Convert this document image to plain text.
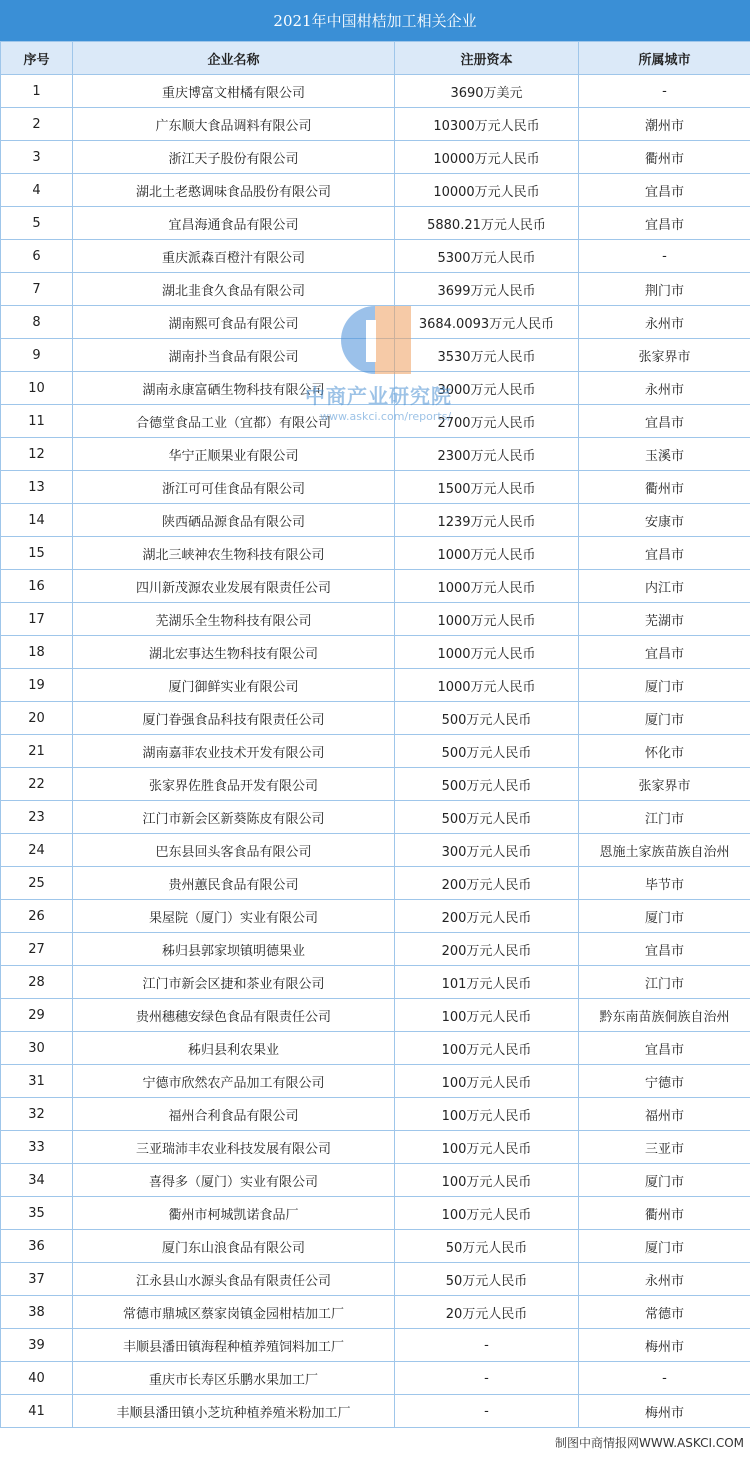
2021年中国柑桔加工相关企业
序号	企业名称	注册资本	所属城市
1	重庆博富文柑橘有限公司	3690万美元	-
2	广东顺大食品调料有限公司	10300万元人民币	潮州市
3	浙江天子股份有限公司	10000万元人民币	衢州市
4	湖北土老憨调味食品股份有限公司	10000万元人民币	宜昌市
5	宜昌海通食品有限公司	5880.21万元人民币	宜昌市
6	重庆派森百橙汁有限公司	5300万元人民币	-
7	湖北韭食久食品有限公司	3699万元人民币	荆门市
8	湖南熙可食品有限公司	3684.0093万元人民币	永州市
9	湖南扑当食品有限公司	3530万元人民币	张家界市
10	湖南永康富硒生物科技有限公司	3000万元人民币	永州市
11	合德堂食品工业（宜都）有限公司	2700万元人民币	宜昌市
12	华宁正顺果业有限公司	2300万元人民币	玉溪市
13	浙江可可佳食品有限公司	1500万元人民币	衢州市
14	陕西硒品源食品有限公司	1239万元人民币	安康市
15	湖北三峡神农生物科技有限公司	1000万元人民币	宜昌市
16	四川新茂源农业发展有限责任公司	1000万元人民币	内江市
17	芜湖乐全生物科技有限公司	1000万元人民币	芜湖市
18	湖北宏事达生物科技有限公司	1000万元人民币	宜昌市
19	厦门御鲜实业有限公司	1000万元人民币	厦门市
20	厦门眷强食品科技有限责任公司	500万元人民币	厦门市
21	湖南嘉菲农业技术开发有限公司	500万元人民币	怀化市
22	张家界佐胜食品开发有限公司	500万元人民币	张家界市
23	江门市新会区新葵陈皮有限公司	500万元人民币	江门市
24	巴东县回头客食品有限公司	300万元人民币	恩施土家族苗族自治州
25	贵州蕙民食品有限公司	200万元人民币	毕节市
26	果屋院（厦门）实业有限公司	200万元人民币	厦门市
27	秭归县郭家坝镇明德果业	200万元人民币	宜昌市
28	江门市新会区捷和茶业有限公司	101万元人民币	江门市
29	贵州穗穗安绿色食品有限责任公司	100万元人民币	黔东南苗族侗族自治州
30	秭归县利农果业	100万元人民币	宜昌市
31	宁德市欣然农产品加工有限公司	100万元人民币	宁德市
32	福州合利食品有限公司	100万元人民币	福州市
33	三亚瑞沛丰农业科技发展有限公司	100万元人民币	三亚市
34	喜得多（厦门）实业有限公司	100万元人民币	厦门市
35	衢州市柯城凯诺食品厂	100万元人民币	衢州市
36	厦门东山浪食品有限公司	50万元人民币	厦门市
37	江永县山水源头食品有限责任公司	50万元人民币	永州市
38	常德市鼎城区蔡家岗镇金园柑桔加工厂	20万元人民币	常德市
39	丰顺县潘田镇海程种植养殖饲料加工厂	-	梅州市
40	重庆市长寿区乐鹏水果加工厂	-	-
41	丰顺县潘田镇小芝坑种植养殖米粉加工厂	-	梅州市
中商产业研究院
www.askci.com/reports/
制图中商情报网WWW.ASKCI.COM
